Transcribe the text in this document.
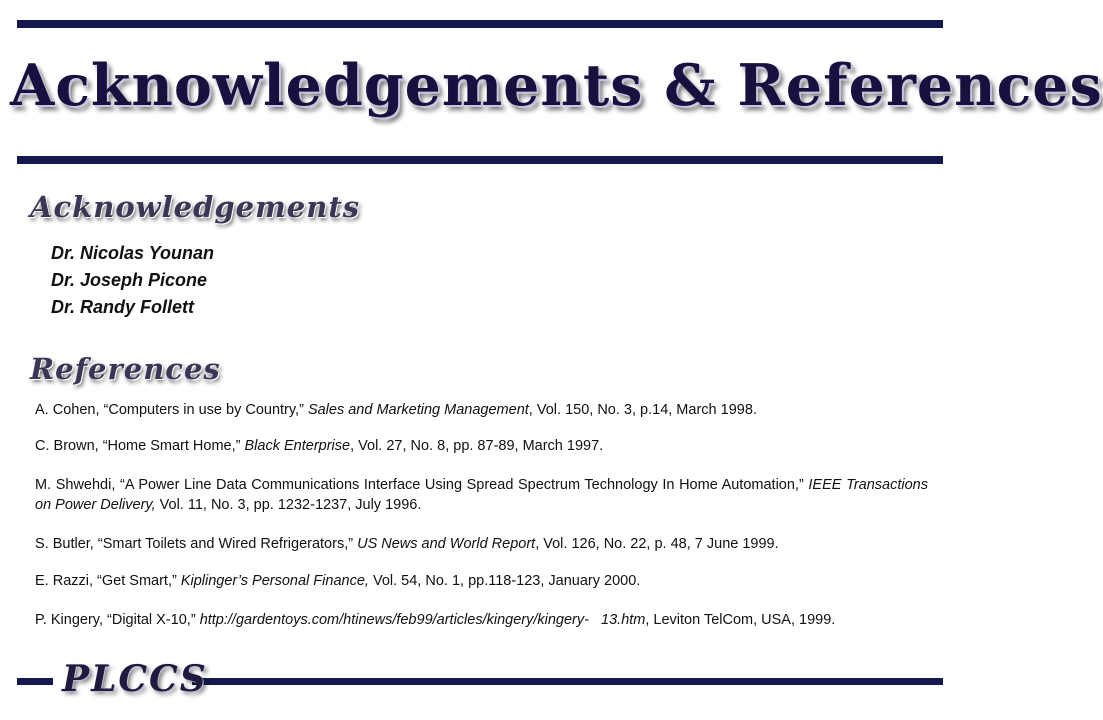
Acknowledgements & References
Acknowledgements
Dr. Nicolas Younan
Dr. Joseph Picone
Dr. Randy Follett
References
A. Cohen, “Computers in use by Country,” Sales and Marketing Management, Vol. 150, No. 3, p.14, March 1998.
C. Brown, “Home Smart Home,” Black Enterprise, Vol. 27, No. 8, pp. 87-89, March 1997.
M. Shwehdi, “A Power Line Data Communications Interface Using Spread Spectrum Technology In Home Automation,” IEEE Transactions on Power Delivery, Vol. 11, No. 3, pp. 1232-1237, July 1996.
S. Butler, “Smart Toilets and Wired Refrigerators,” US News and World Report, Vol. 126, No. 22, p. 48, 7 June 1999.
E. Razzi, “Get Smart,” Kiplinger’s Personal Finance, Vol. 54, No. 1, pp.118-123, January 2000.
P. Kingery, “Digital X-10,” http://gardentoys.com/htinews/feb99/articles/kingery/kingery-   13.htm, Leviton TelCom, USA, 1999.
PLCCS
